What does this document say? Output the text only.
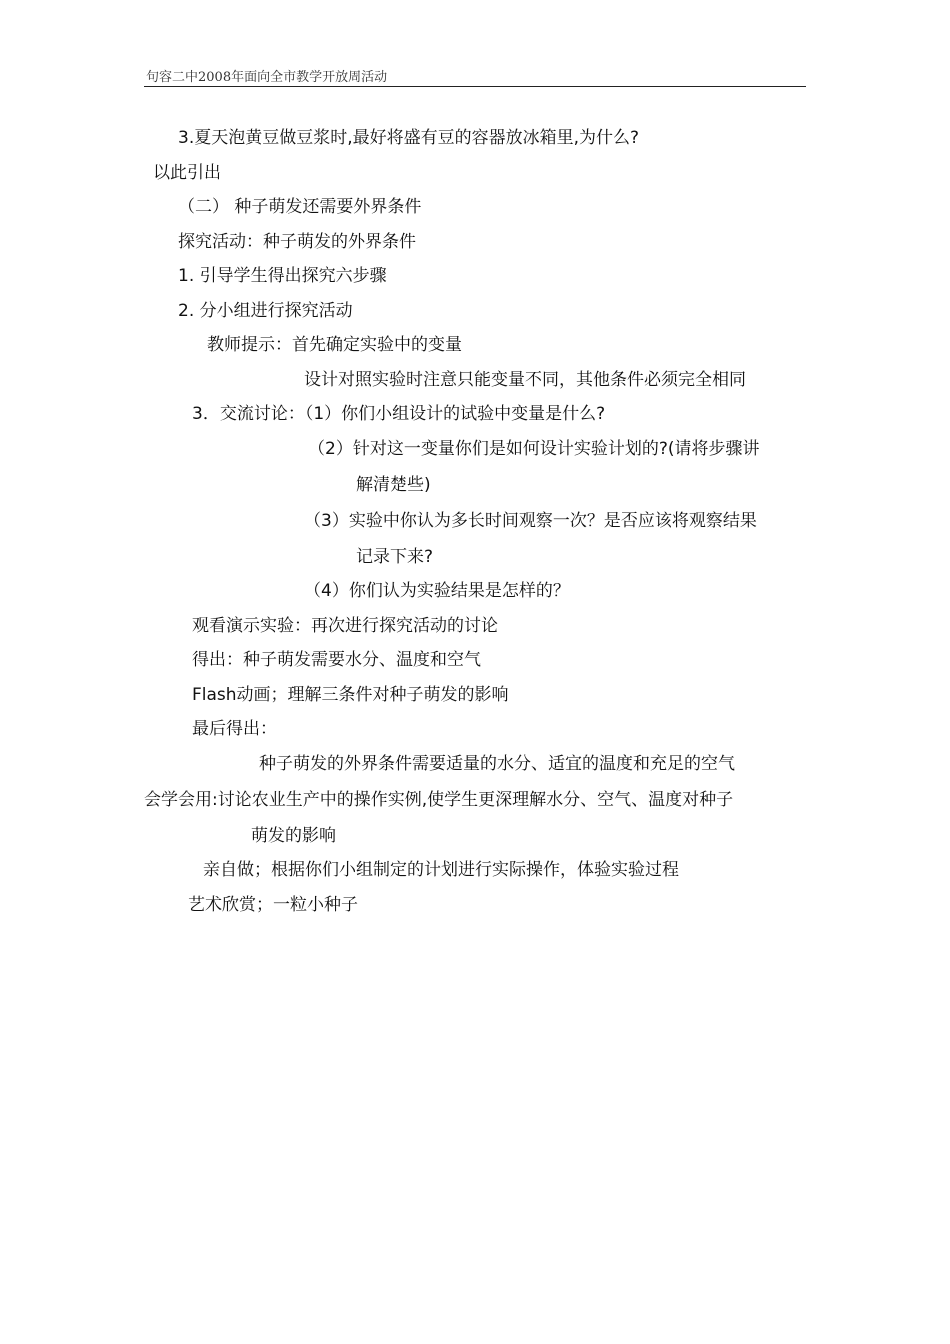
句容二中2008年面向全市教学开放周活动
3.夏天泡黄豆做豆浆时,最好将盛有豆的容器放冰箱里,为什么?
以此引出
（二） 种子萌发还需要外界条件
探究活动：种子萌发的外界条件
1. 引导学生得出探究六步骤
2. 分小组进行探究活动
教师提示：首先确定实验中的变量
设计对照实验时注意只能变量不同，其他条件必须完全相同
3．交流讨论：（1）你们小组设计的试验中变量是什么?
（2）针对这一变量你们是如何设计实验计划的?(请将步骤讲
解清楚些)
（3）实验中你认为多长时间观察一次？是否应该将观察结果
记录下来?
（4）你们认为实验结果是怎样的？
观看演示实验：再次进行探究活动的讨论
得出：种子萌发需要水分、温度和空气
Flash动画；理解三条件对种子萌发的影响
最后得出：
种子萌发的外界条件需要适量的水分、适宜的温度和充足的空气
会学会用:讨论农业生产中的操作实例,使学生更深理解水分、空气、温度对种子
萌发的影响
亲自做；根据你们小组制定的计划进行实际操作，体验实验过程
艺术欣赏；一粒小种子
